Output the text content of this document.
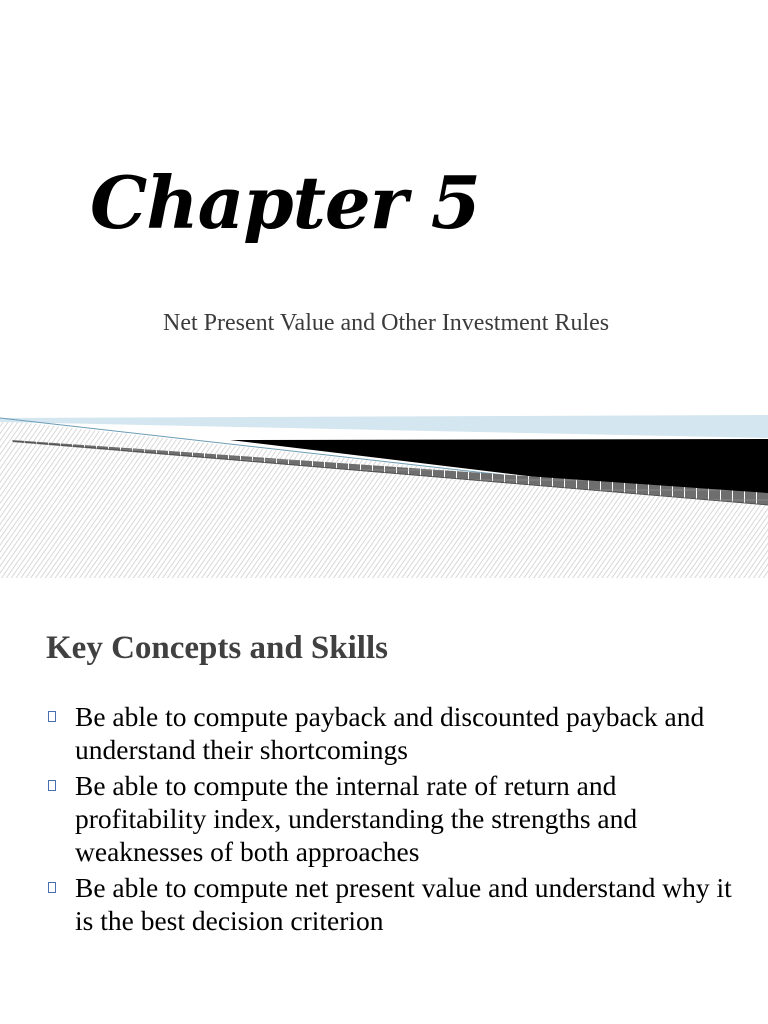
Chapter 5

Net Present Value and Other Investment Rules

Key Concepts and Skills
Be able to compute payback and discounted payback and understand their shortcomings
Be able to compute the internal rate of return and profitability index, understanding the strengths and weaknesses of both approaches
Be able to compute net present value and understand why it is the best decision criterion
